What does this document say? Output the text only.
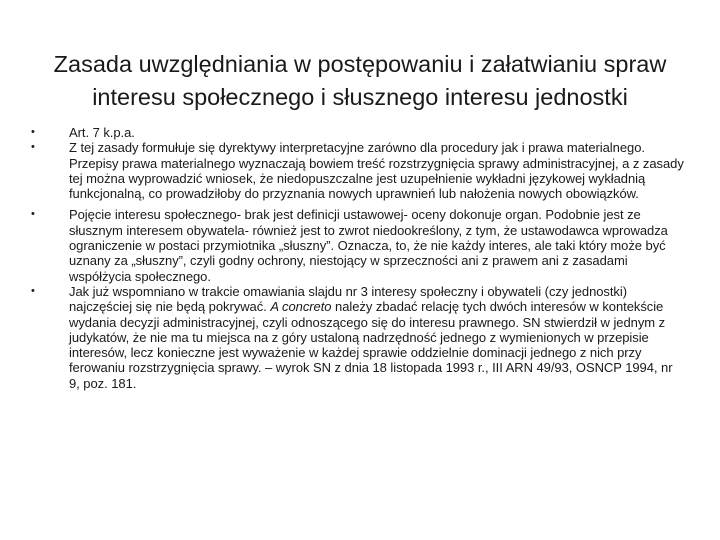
Zasada uwzględniania w postępowaniu i załatwianiu spraw interesu społecznego i słusznego interesu jednostki
•	Art. 7 k.p.a.
•	Z tej zasady formułuje się dyrektywy interpretacyjne zarówno dla procedury jak i prawa materialnego. Przepisy prawa materialnego wyznaczają bowiem treść rozstrzygnięcia sprawy administracyjnej, a z zasady tej można wyprowadzić wniosek, że niedopuszczalne jest uzupełnienie wykładni językowej wykładnią funkcjonalną, co prowadziłoby do przyznania nowych uprawnień lub nałożenia nowych obowiązków.
•	Pojęcie interesu społecznego- brak jest definicji ustawowej- oceny dokonuje organ. Podobnie jest ze słusznym interesem obywatela- również jest to zwrot niedookreślony, z tym, że ustawodawca wprowadza ograniczenie w postaci przymiotnika „słuszny”. Oznacza, to, że nie każdy interes, ale taki który może być uznany za „słuszny”, czyli godny ochrony, niestojący w sprzeczności ani z prawem ani z zasadami współżycia społecznego.
•	Jak już wspomniano w trakcie omawiania slajdu nr 3 interesy społeczny i obywateli (czy jednostki) najczęściej się nie będą pokrywać. A concreto należy zbadać relację tych dwóch interesów w kontekście wydania decyzji administracyjnej, czyli odnoszącego się do interesu prawnego. SN stwierdził w jednym z judykatów, że nie ma tu miejsca na z góry ustaloną nadrzędność jednego z wymienionych w przepisie interesów, lecz konieczne jest wyważenie w każdej sprawie oddzielnie dominacji jednego z nich przy ferowaniu rozstrzygnięcia sprawy. – wyrok SN z dnia 18 listopada 1993 r., III ARN 49/93, OSNCP 1994, nr 9, poz. 181.
